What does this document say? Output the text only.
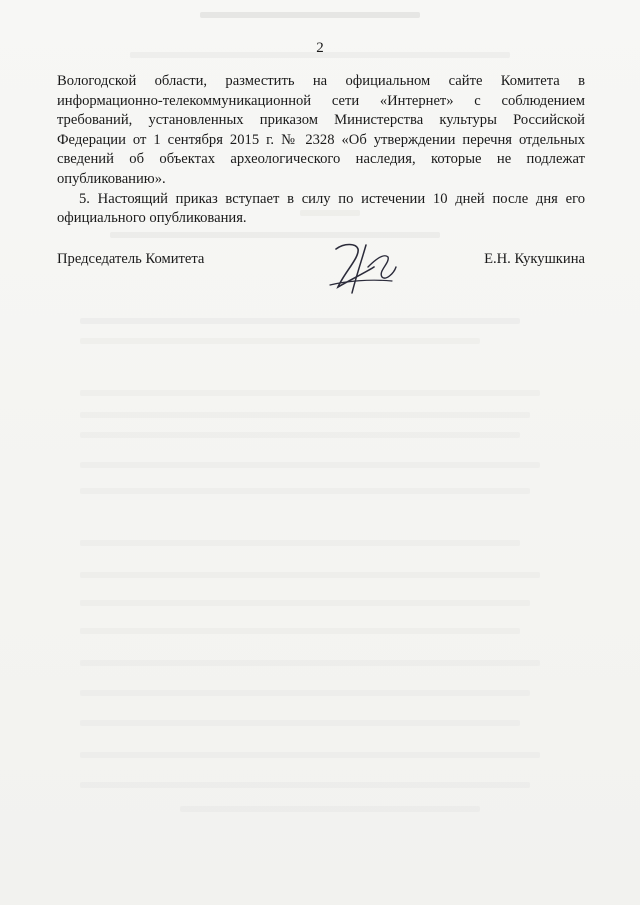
2

Вологодской области, разместить на официальном сайте Комитета в информационно-телекоммуникационной сети «Интернет» с соблюдением требований, установленных приказом Министерства культуры Российской Федерации от 1 сентября 2015 г. № 2328 «Об утверждении перечня отдельных сведений об объектах археологического наследия, которые не подлежат опубликованию».

5. Настоящий приказ вступает в силу по истечении 10 дней после дня его официального опубликования.

Председатель Комитета	Е.Н. Кукушкина
